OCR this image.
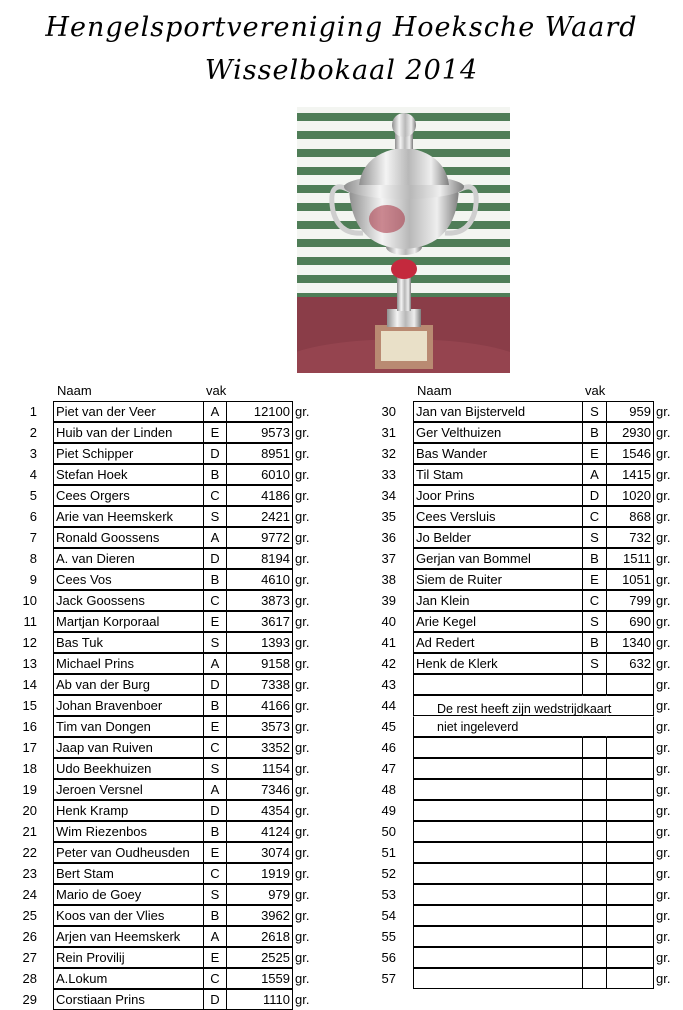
Hengelsportvereniging Hoeksche Waard
Wisselbokaal 2014
Naam	vak	Naam	vak
1 Piet van der Veer	A	12100 gr.
2 Huib van der Linden	E	9573 gr.
3 Piet Schipper	D	8951 gr.
4 Stefan Hoek	B	6010 gr.
5 Cees Orgers	C	4186 gr.
6 Arie van Heemskerk	S	2421 gr.
7 Ronald Goossens	A	9772 gr.
8 A. van Dieren	D	8194 gr.
9 Cees Vos	B	4610 gr.
10 Jack Goossens	C	3873 gr.
11 Martjan Korporaal	E	3617 gr.
12 Bas Tuk	S	1393 gr.
13 Michael Prins	A	9158 gr.
14 Ab van der Burg	D	7338 gr.
15 Johan Bravenboer	B	4166 gr.
16 Tim van Dongen	E	3573 gr.
17 Jaap van Ruiven	C	3352 gr.
18 Udo Beekhuizen	S	1154 gr.
19 Jeroen Versnel	A	7346 gr.
20 Henk Kramp	D	4354 gr.
21 Wim Riezenbos	B	4124 gr.
22 Peter van Oudheusden	E	3074 gr.
23 Bert Stam	C	1919 gr.
24 Mario de Goey	S	979 gr.
25 Koos van der Vlies	B	3962 gr.
26 Arjen van Heemskerk	A	2618 gr.
27 Rein Provilij	E	2525 gr.
28 A.Lokum	C	1559 gr.
29 Corstiaan Prins	D	1110 gr.
30 Jan van Bijsterveld	S	959 gr.
31 Ger Velthuizen	B	2930 gr.
32 Bas Wander	E	1546 gr.
33 Til Stam	A	1415 gr.
34 Joor Prins	D	1020 gr.
35 Cees Versluis	C	868 gr.
36 Jo Belder	S	732 gr.
37 Gerjan van Bommel	B	1511 gr.
38 Siem de Ruiter	E	1051 gr.
39 Jan Klein	C	799 gr.
40 Arie Kegel	S	690 gr.
41 Ad Redert	B	1340 gr.
42 Henk de Klerk	S	632 gr.
43	gr.
44	gr.
45	gr.
46	gr.
47	gr.
48	gr.
49	gr.
50	gr.
51	gr.
52	gr.
53	gr.
54	gr.
55	gr.
56	gr.
57	gr.
De rest heeft zijn wedstrijdkaart
niet ingeleverd
